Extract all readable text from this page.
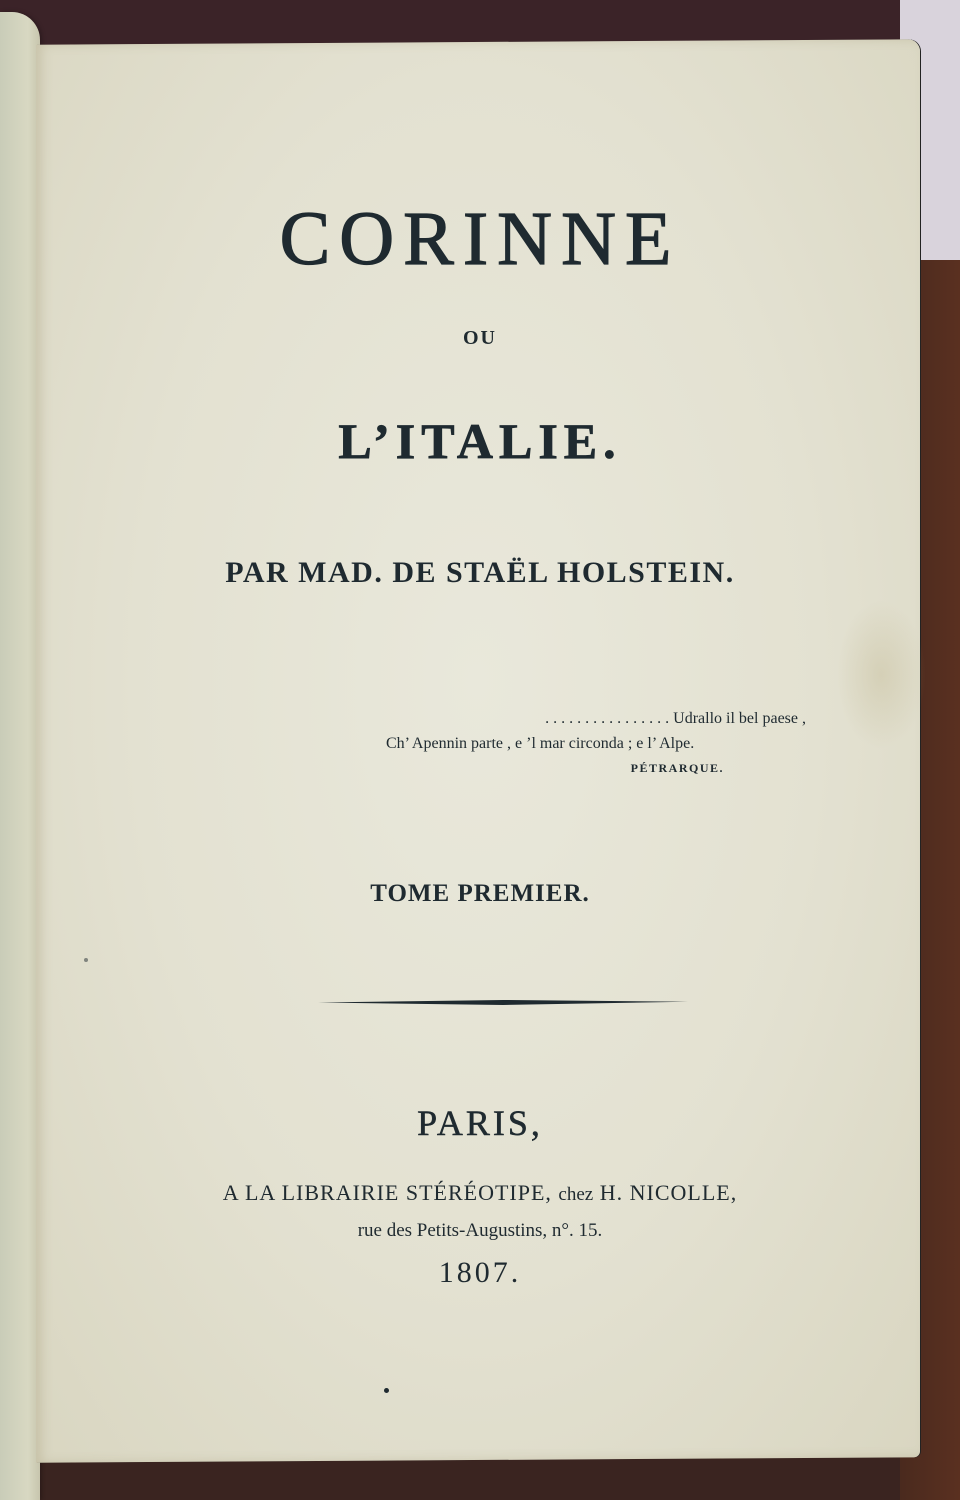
CORINNE
OU
L’ITALIE.
PAR MAD. DE STAËL HOLSTEIN.
. . . . . . . . . . . . . . . . Udrallo il bel paese ,
Ch’ Apennin parte , e ’l mar circonda ; e l’ Alpe.
PÉTRARQUE.
TOME PREMIER.
PARIS,
A LA LIBRAIRIE STÉRÉOTIPE, chez H. NICOLLE,
rue des Petits-Augustins, n°. 15.
1807.
